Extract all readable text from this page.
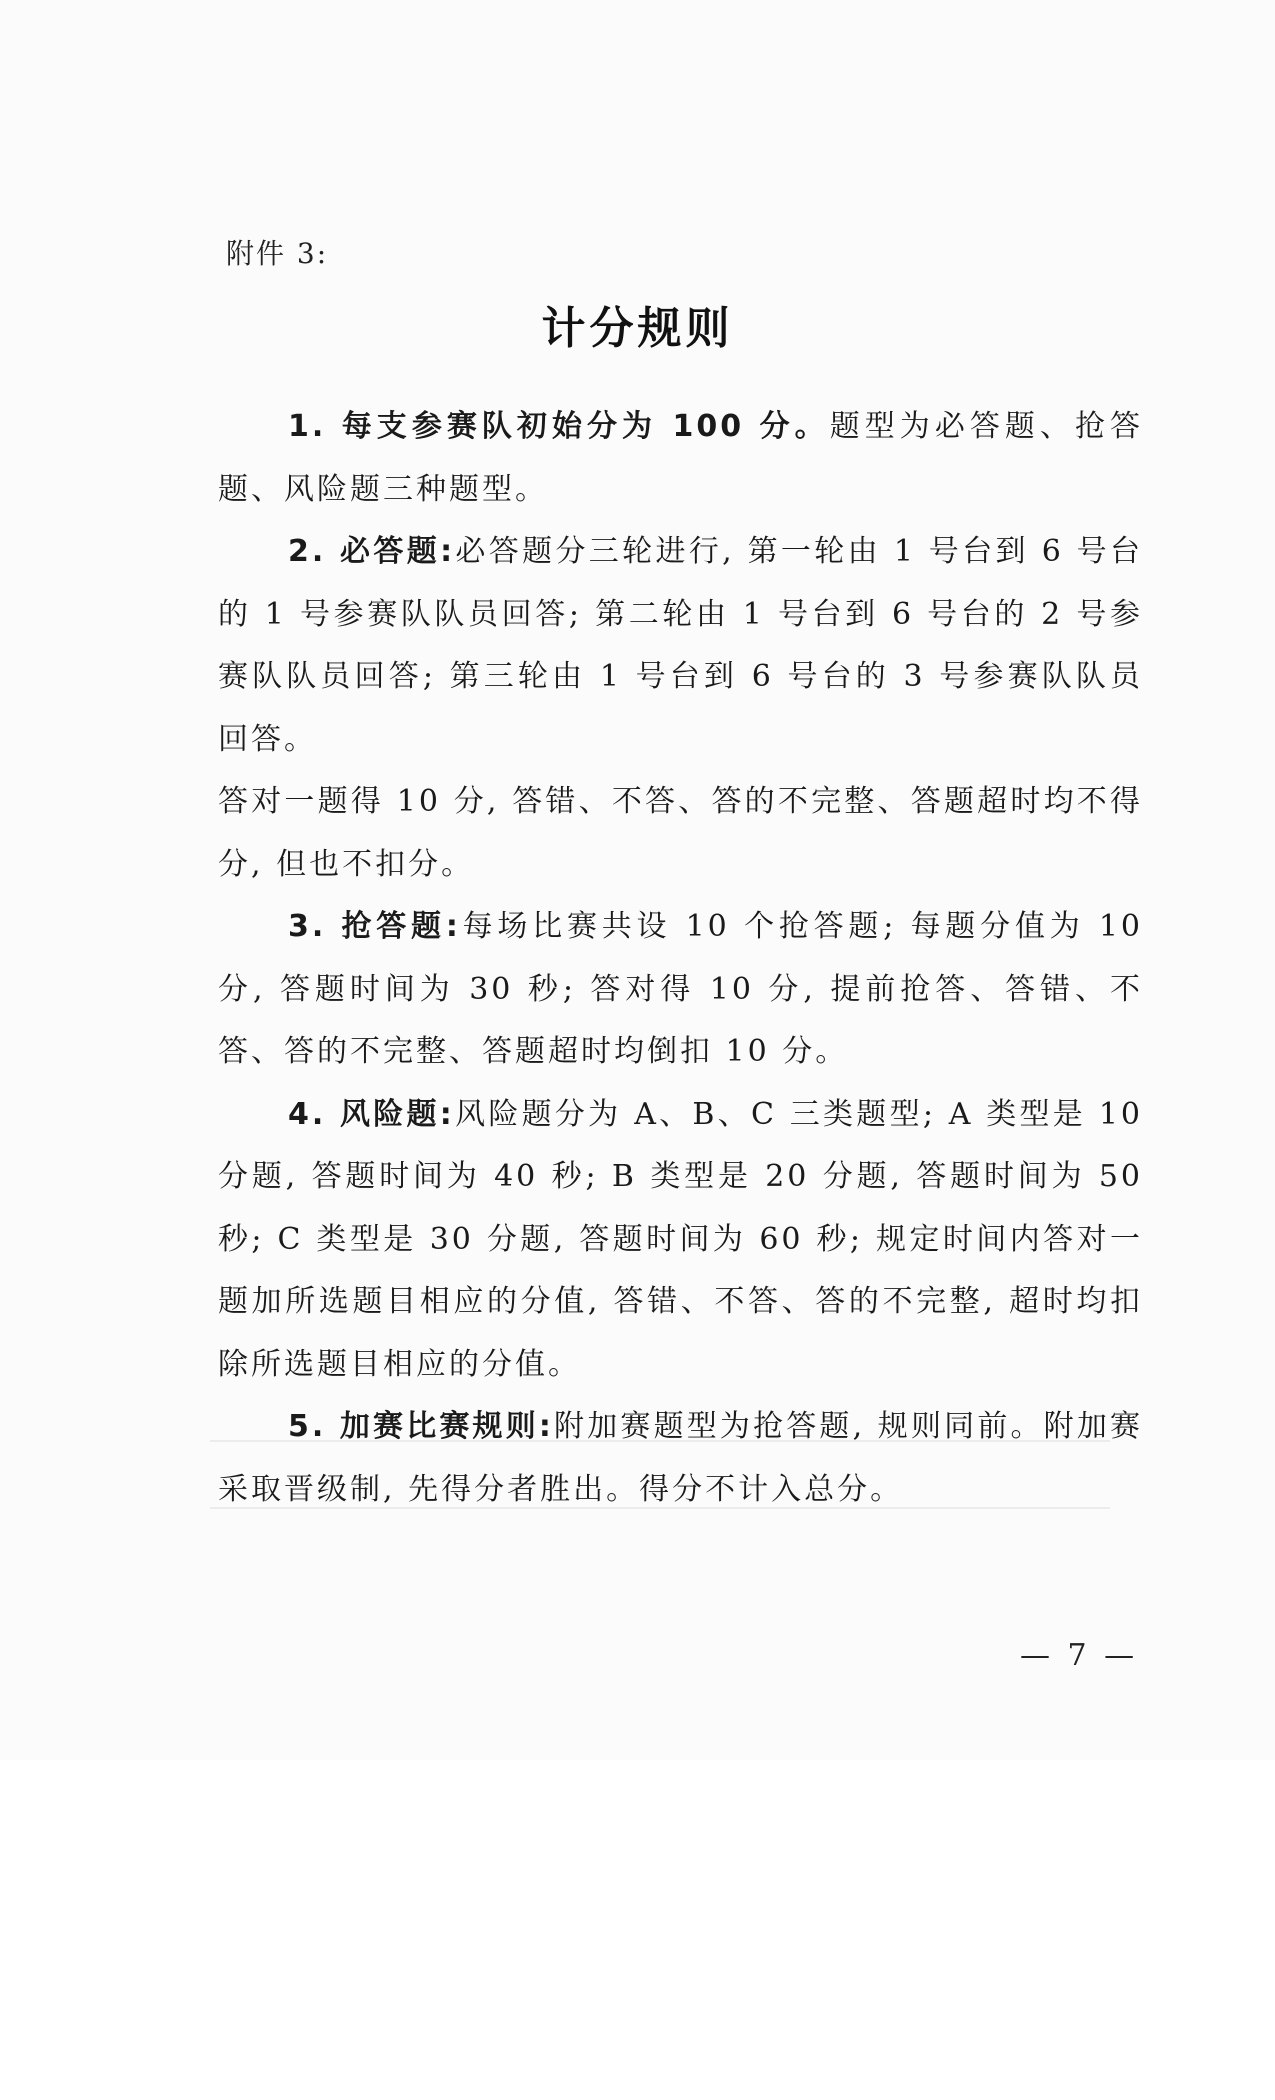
附件 3:
计分规则

1. 每支参赛队初始分为 100 分。题型为必答题、抢答题、风险题三种题型。

2. 必答题:必答题分三轮进行, 第一轮由 1 号台到 6 号台的 1 号参赛队队员回答; 第二轮由 1 号台到 6 号台的 2 号参赛队队员回答; 第三轮由 1 号台到 6 号台的 3 号参赛队队员回答。

答对一题得 10 分, 答错、不答、答的不完整、答题超时均不得分, 但也不扣分。

3. 抢答题:每场比赛共设 10 个抢答题; 每题分值为 10 分, 答题时间为 30 秒; 答对得 10 分, 提前抢答、答错、不答、答的不完整、答题超时均倒扣 10 分。

4. 风险题:风险题分为 A、B、C 三类题型; A 类型是 10 分题, 答题时间为 40 秒; B 类型是 20 分题, 答题时间为 50 秒; C 类型是 30 分题, 答题时间为 60 秒; 规定时间内答对一题加所选题目相应的分值, 答错、不答、答的不完整, 超时均扣除所选题目相应的分值。

5. 加赛比赛规则:附加赛题型为抢答题, 规则同前。附加赛采取晋级制, 先得分者胜出。得分不计入总分。

— 7 —
